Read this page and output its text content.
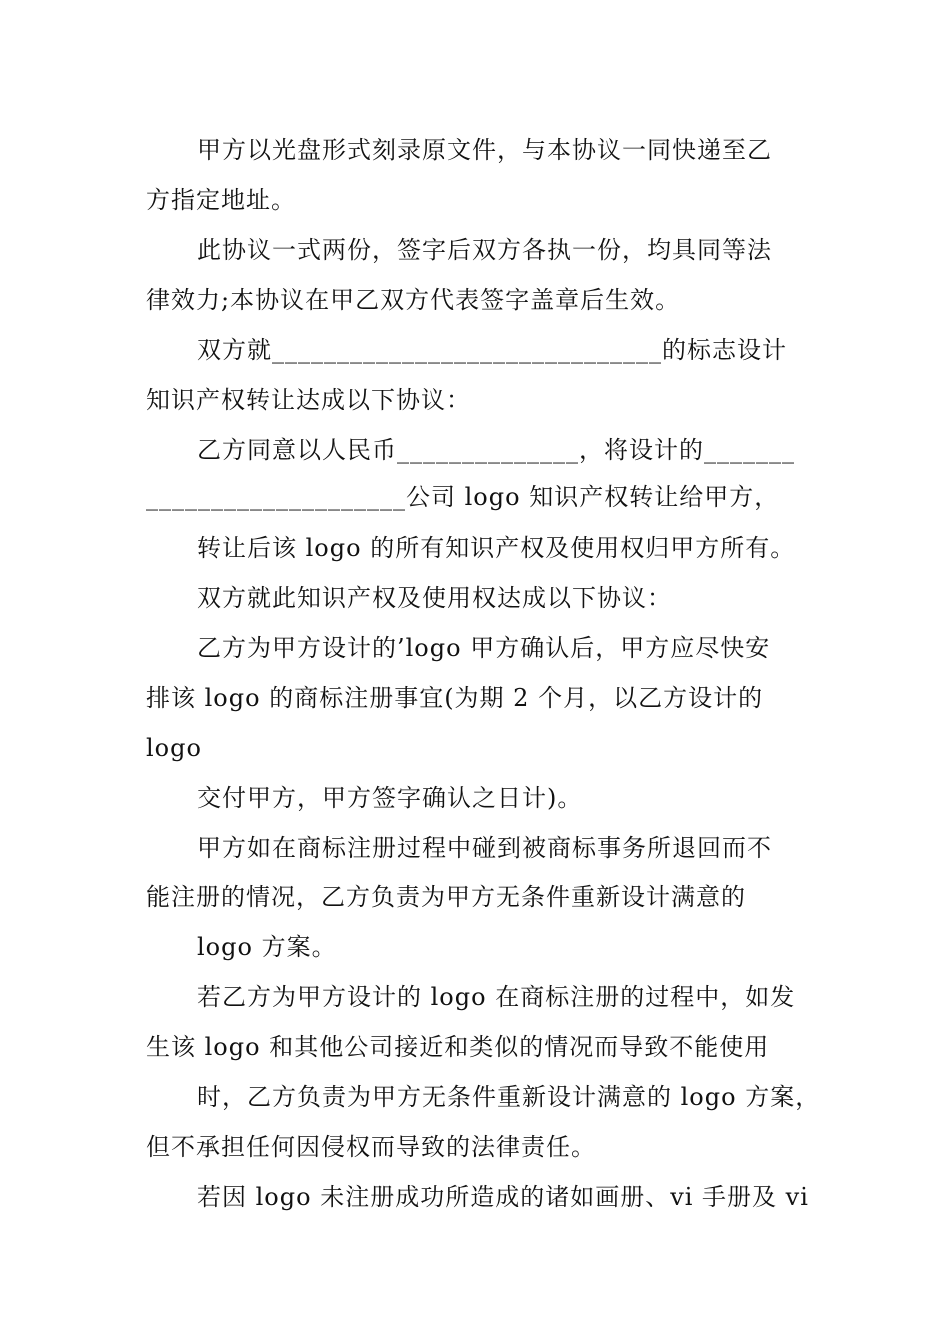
甲方以光盘形式刻录原文件，与本协议一同快递至乙
方指定地址。
此协议一式两份，签字后双方各执一份，均具同等法
律效力;本协议在甲乙双方代表签字盖章后生效。
双方就______________________________的标志设计
知识产权转让达成以下协议：
乙方同意以人民币______________，将设计的_______
____________________公司 logo 知识产权转让给甲方，
转让后该 logo 的所有知识产权及使用权归甲方所有。
双方就此知识产权及使用权达成以下协议：
乙方为甲方设计的’logo 甲方确认后，甲方应尽快安
排该 logo 的商标注册事宜(为期 2 个月，以乙方设计的
logo
交付甲方，甲方签字确认之日计)。
甲方如在商标注册过程中碰到被商标事务所退回而不
能注册的情况，乙方负责为甲方无条件重新设计满意的
logo 方案。
若乙方为甲方设计的 logo 在商标注册的过程中，如发
生该 logo 和其他公司接近和类似的情况而导致不能使用
时，乙方负责为甲方无条件重新设计满意的 logo 方案，
但不承担任何因侵权而导致的法律责任。
若因 logo 未注册成功所造成的诸如画册、vi 手册及 vi
